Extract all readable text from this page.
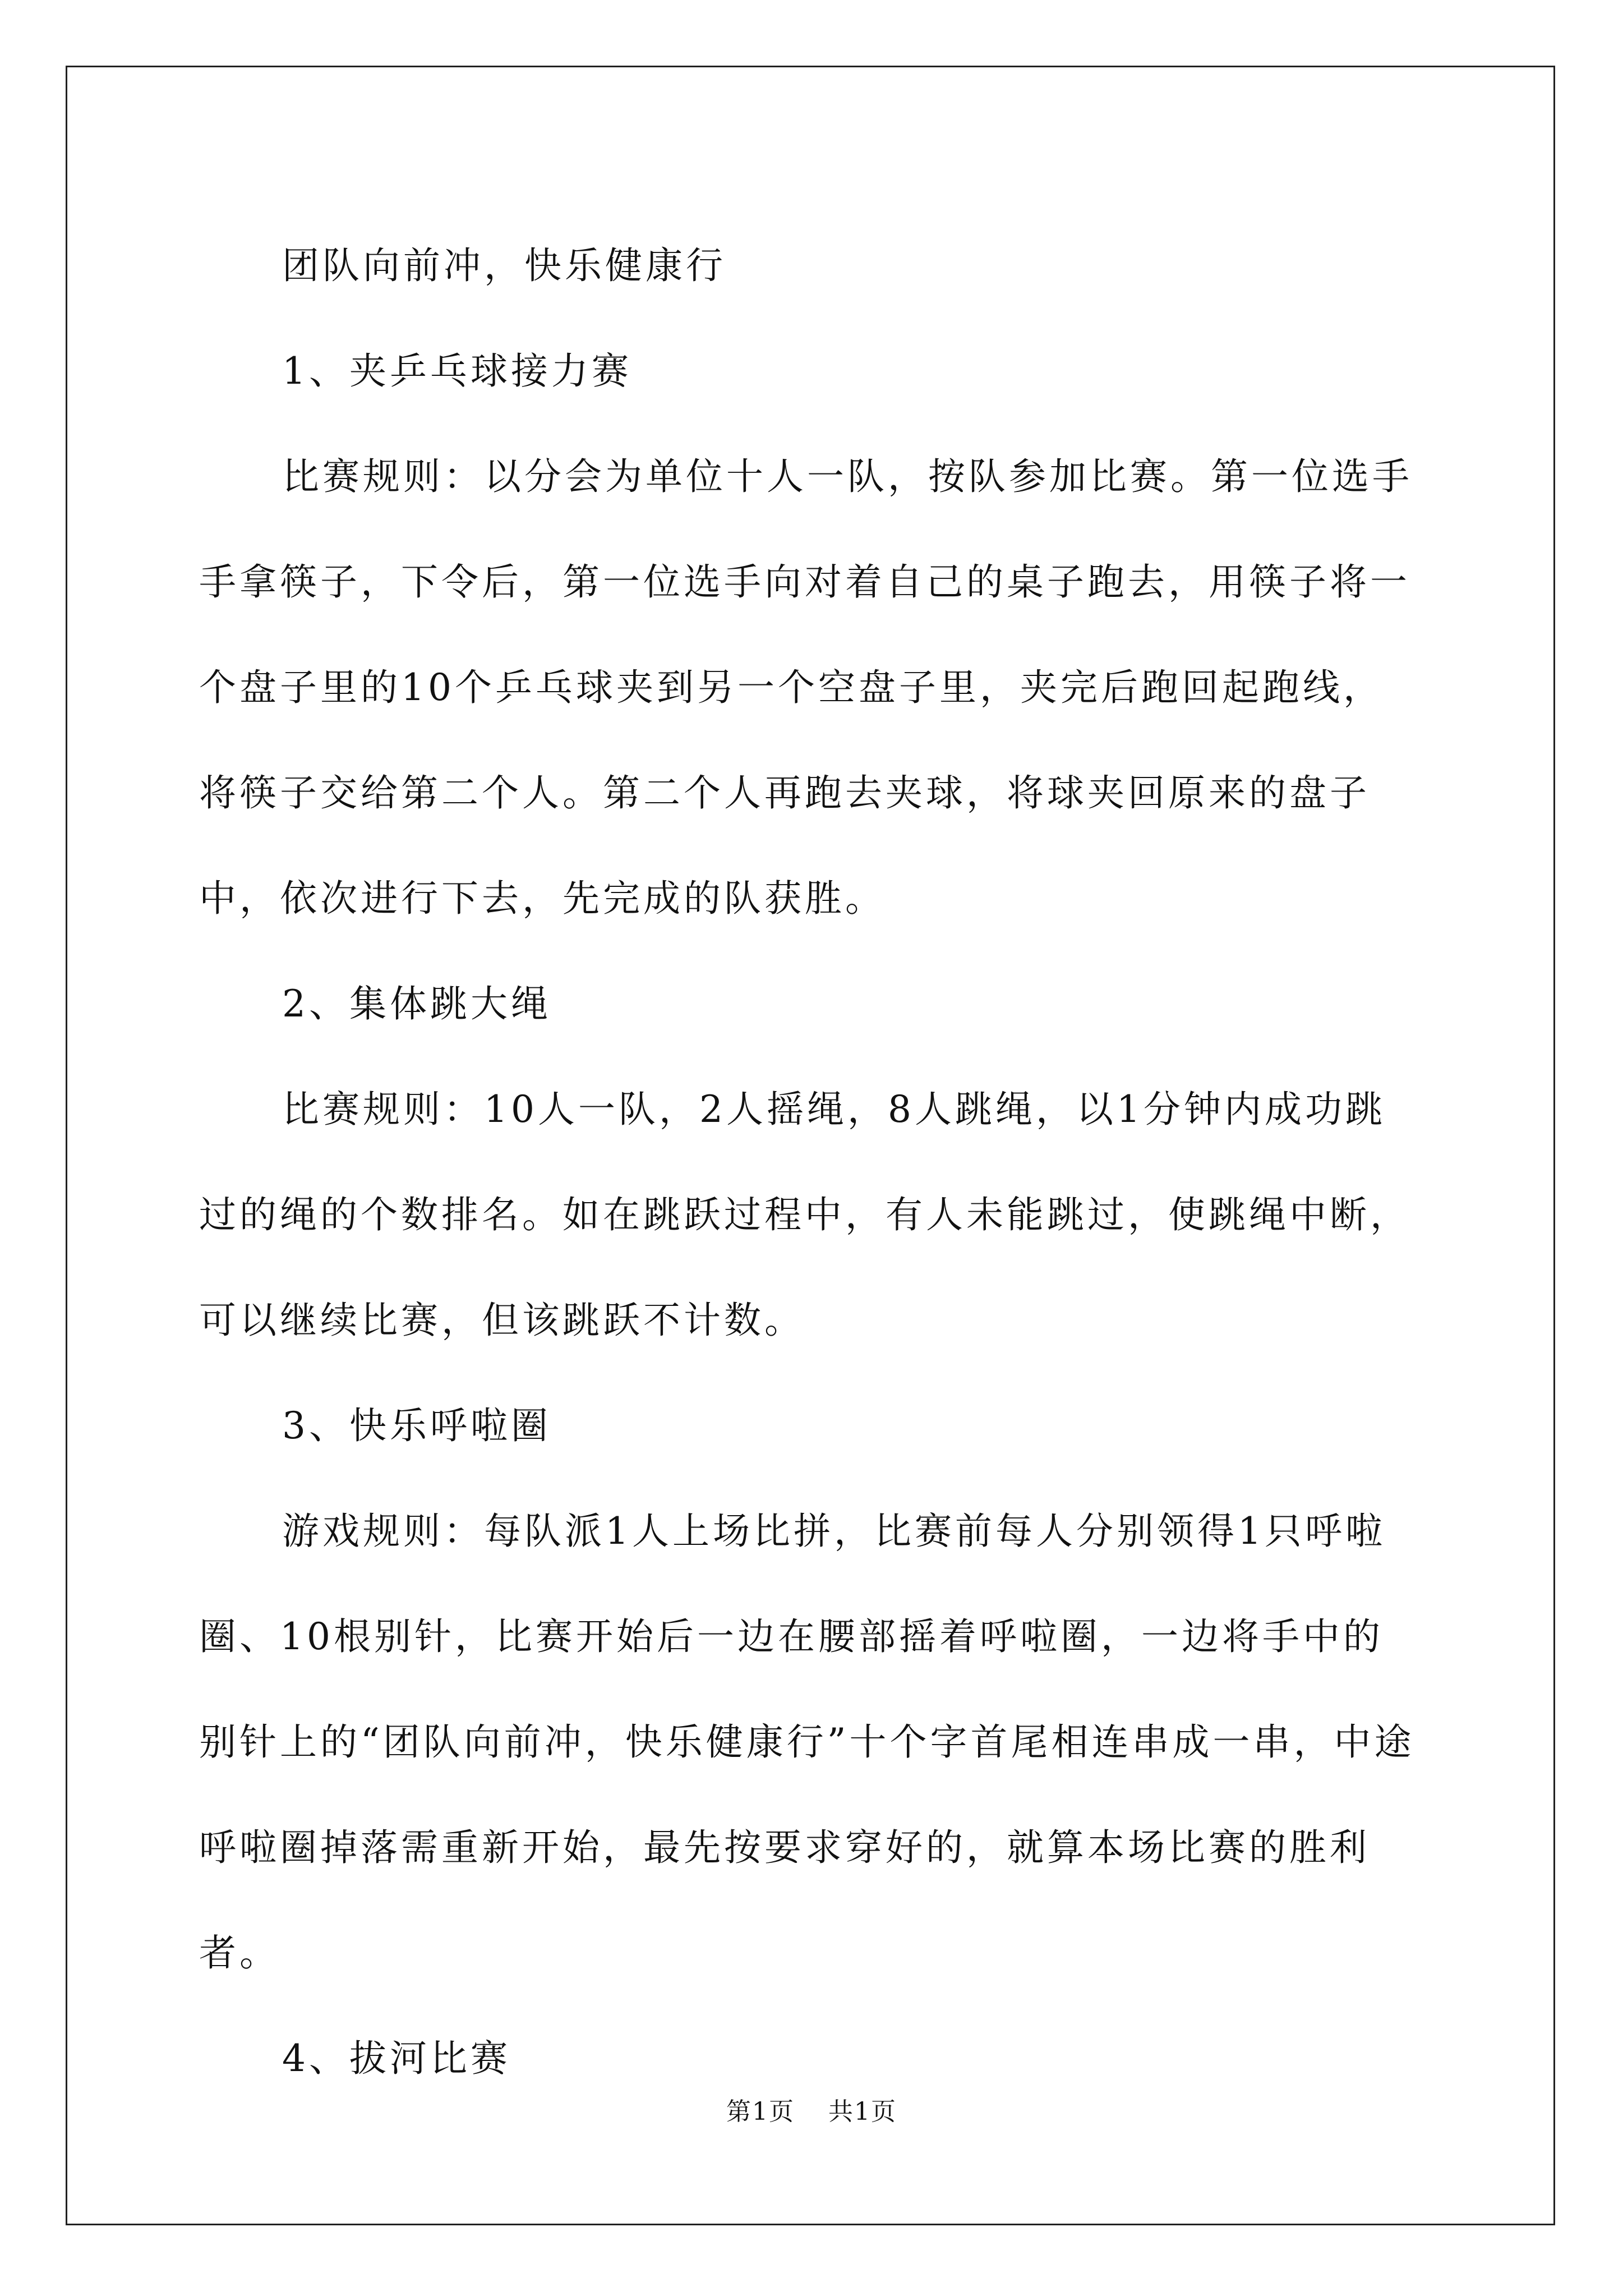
团队向前冲，快乐健康行

1、夹乒乓球接力赛

比赛规则：以分会为单位十人一队，按队参加比赛。第一位选手手拿筷子，下令后，第一位选手向对着自己的桌子跑去，用筷子将一个盘子里的10个乒乓球夹到另一个空盘子里，夹完后跑回起跑线，将筷子交给第二个人。第二个人再跑去夹球，将球夹回原来的盘子中，依次进行下去，先完成的队获胜。

2、集体跳大绳

比赛规则：10人一队，2人摇绳，8人跳绳，以1分钟内成功跳过的绳的个数排名。如在跳跃过程中，有人未能跳过，使跳绳中断，可以继续比赛，但该跳跃不计数。

3、快乐呼啦圈

游戏规则：每队派1人上场比拼，比赛前每人分别领得1只呼啦圈、10根别针，比赛开始后一边在腰部摇着呼啦圈，一边将手中的别针上的“团队向前冲，快乐健康行”十个字首尾相连串成一串，中途呼啦圈掉落需重新开始，最先按要求穿好的，就算本场比赛的胜利者。

4、拔河比赛

第1页 共1页
